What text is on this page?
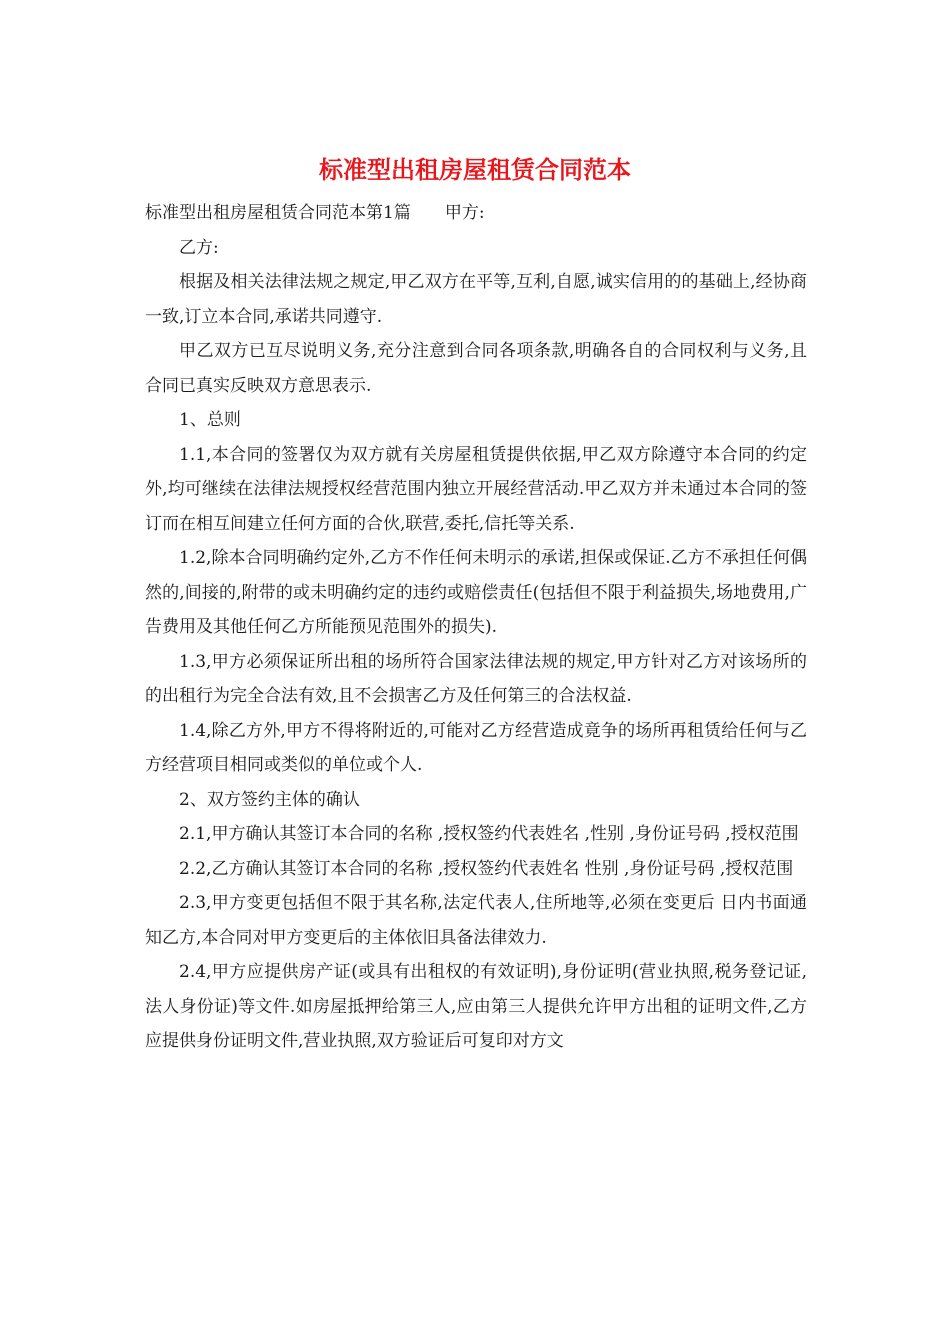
标准型出租房屋租赁合同范本

标准型出租房屋租赁合同范本第1篇　　甲方:

乙方:

根据及相关法律法规之规定,甲乙双方在平等,互利,自愿,诚实信用的的基础上,经协商一致,订立本合同,承诺共同遵守.

甲乙双方已互尽说明义务,充分注意到合同各项条款,明确各自的合同权利与义务,且合同已真实反映双方意思表示.

1、总则

1.1,本合同的签署仅为双方就有关房屋租赁提供依据,甲乙双方除遵守本合同的约定外,均可继续在法律法规授权经营范围内独立开展经营活动.甲乙双方并未通过本合同的签订而在相互间建立任何方面的合伙,联营,委托,信托等关系.

1.2,除本合同明确约定外,乙方不作任何未明示的承诺,担保或保证.乙方不承担任何偶然的,间接的,附带的或未明确约定的违约或赔偿责任(包括但不限于利益损失,场地费用,广告费用及其他任何乙方所能预见范围外的损失).

1.3,甲方必须保证所出租的场所符合国家法律法规的规定,甲方针对乙方对该场所的的出租行为完全合法有效,且不会损害乙方及任何第三的合法权益.

1.4,除乙方外,甲方不得将附近的,可能对乙方经营造成竟争的场所再租赁给任何与乙方经营项目相同或类似的单位或个人.

2、双方签约主体的确认

2.1,甲方确认其签订本合同的名称 ,授权签约代表姓名 ,性别 ,身份证号码 ,授权范围

2.2,乙方确认其签订本合同的名称 ,授权签约代表姓名 性别 ,身份证号码 ,授权范围

2.3,甲方变更包括但不限于其名称,法定代表人,住所地等,必须在变更后 日内书面通知乙方,本合同对甲方变更后的主体依旧具备法律效力.

2.4,甲方应提供房产证(或具有出租权的有效证明),身份证明(营业执照,税务登记证,法人身份证)等文件.如房屋抵押给第三人,应由第三人提供允许甲方出租的证明文件,乙方应提供身份证明文件,营业执照,双方验证后可复印对方文
